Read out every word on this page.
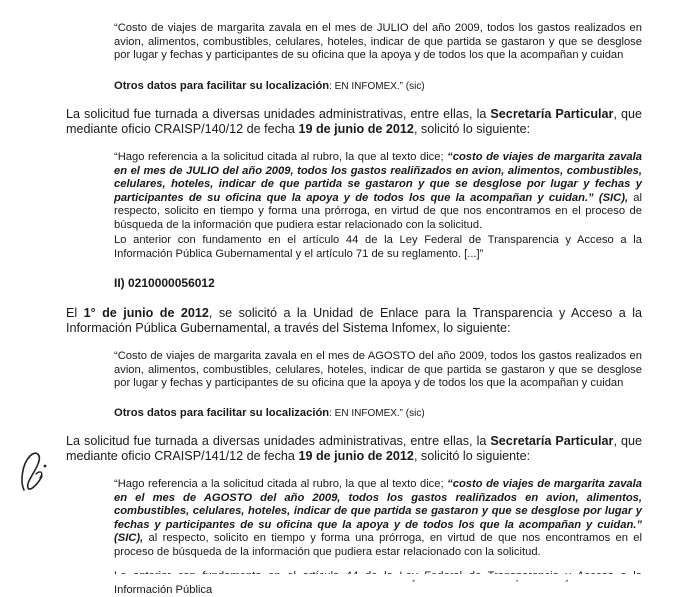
“Costo de viajes de margarita zavala en el mes de JULIO del año 2009, todos los gastos realizados en avion, alimentos, combustibles, celulares, hoteles, indicar de que partida se gastaron y que se desglose por lugar y fechas y participantes de su oficina que la apoya y de todos los que la acompañan y cuidan

Otros datos para facilitar su localización: EN INFOMEX.” (sic)

La solicitud fue turnada a diversas unidades administrativas, entre ellas, la Secretaría Particular, que mediante oficio CRAISP/140/12 de fecha 19 de junio de 2012, solicitó lo siguiente:

“Hago referencia a la solicitud citada al rubro, la que al texto dice; “costo de viajes de margarita zavala en el mes de JULIO del año 2009, todos los gastos realiñzados en avion, alimentos, combustibles, celulares, hoteles, indicar de que partida se gastaron y que se desglose por lugar y fechas y participantes de su oficina que la apoya y de todos los que la acompañan y cuidan.” (SIC), al respecto, solicito en tiempo y forma una prórroga, en virtud de que nos encontramos en el proceso de búsqueda de la información que pudiera estar relacionado con la solicitud.

Lo anterior con fundamento en el artículo 44 de la Ley Federal de Transparencia y Acceso a la Información Pública Gubernamental y el artículo 71 de su reglamento. [...]”

II) 0210000056012

El 1° de junio de 2012, se solicitó a la Unidad de Enlace para la Transparencia y Acceso a la Información Pública Gubernamental, a través del Sistema Infomex, lo siguiente:

“Costo de viajes de margarita zavala en el mes de AGOSTO del año 2009, todos los gastos realizados en avion, alimentos, combustibles, celulares, hoteles, indicar de que partida se gastaron y que se desglose por lugar y fechas y participantes de su oficina que la apoya y de todos los que la acompañan y cuidan

Otros datos para facilitar su localización: EN INFOMEX.” (sic)

La solicitud fue turnada a diversas unidades administrativas, entre ellas, la Secretaría Particular, que mediante oficio CRAISP/141/12 de fecha 19 de junio de 2012, solicitó lo siguiente:

“Hago referencia a la solicitud citada al rubro, la que al texto dice; “costo de viajes de margarita zavala en el mes de AGOSTO del año 2009, todos los gastos realiñzados en avion, alimentos, combustibles, celulares, hoteles, indicar de que partida se gastaron y que se desglose por lugar y fechas y participantes de su oficina que la apoya y de todos los que la acompañan y cuidan.” (SIC), al respecto, solicito en tiempo y forma una prórroga, en virtud de que nos encontramos en el proceso de búsqueda de la información que pudiera estar relacionado con la solicitud.

Información Pública
